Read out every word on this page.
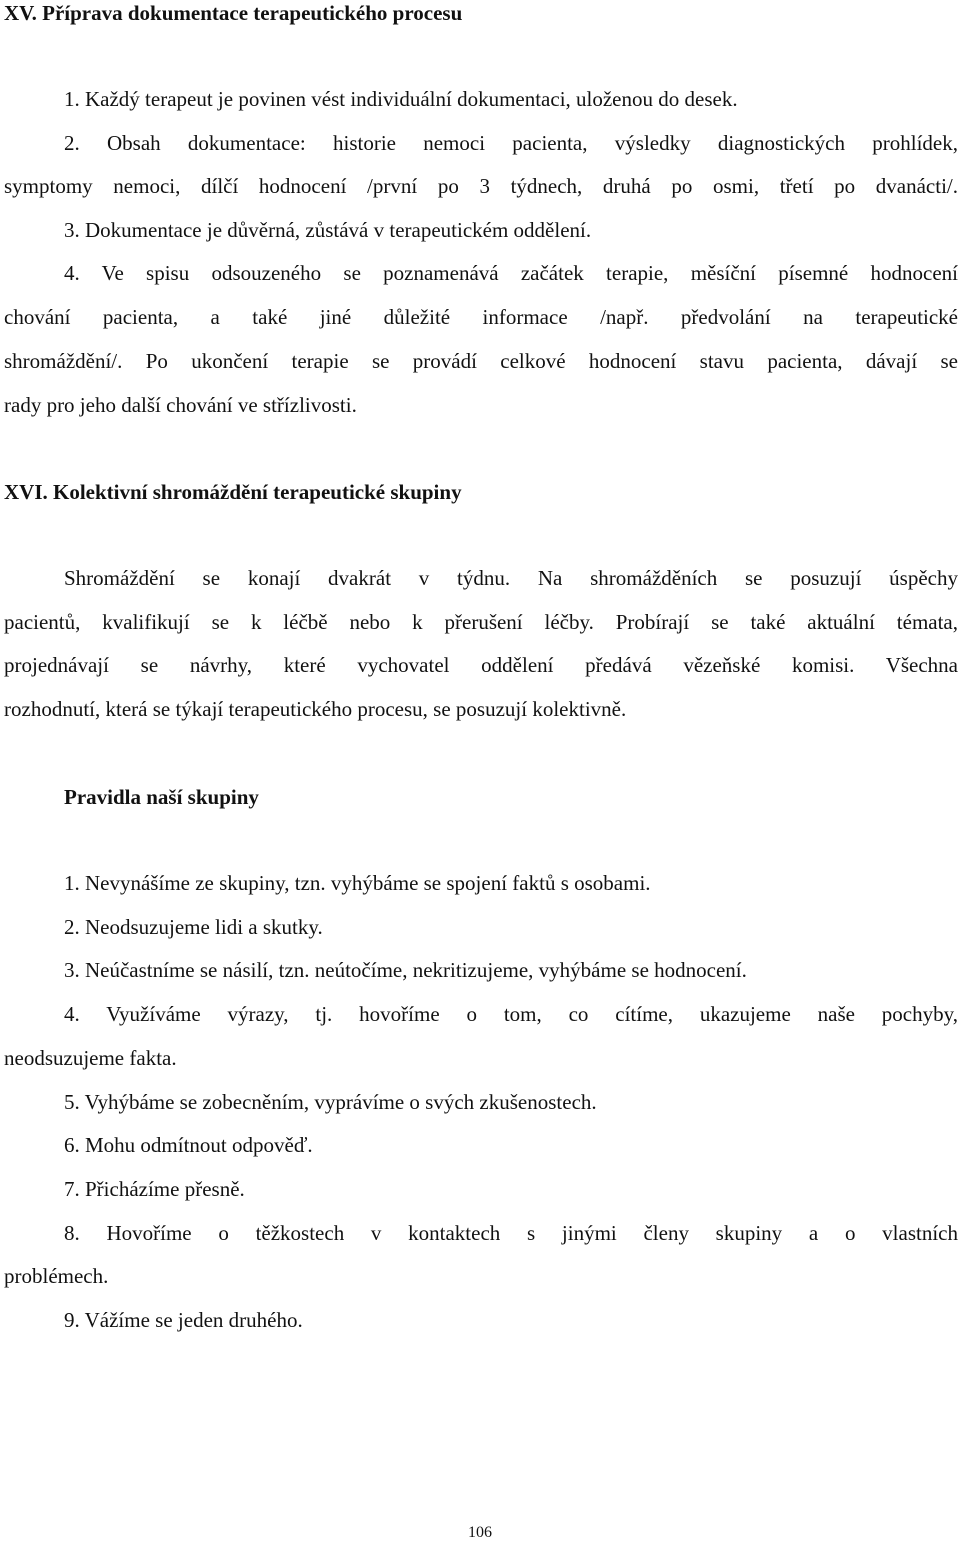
XV. Příprava dokumentace terapeutického procesu
1. Každý terapeut je povinen vést individuální dokumentaci, uloženou do desek.
2. Obsah dokumentace: historie nemoci pacienta, výsledky diagnostických prohlídek,
symptomy nemoci, dílčí hodnocení /první po 3 týdnech, druhá po osmi, třetí po dvanácti/.
3. Dokumentace je důvěrná, zůstává v terapeutickém oddělení.
4. Ve spisu odsouzeného se poznamenává začátek terapie, měsíční písemné hodnocení
chování pacienta, a také jiné důležité informace /např. předvolání na terapeutické
shromáždění/. Po ukončení terapie se provádí celkové hodnocení stavu pacienta, dávají se
rady pro jeho další chování ve střízlivosti.
XVI. Kolektivní shromáždění terapeutické skupiny
Shromáždění se konají dvakrát v týdnu. Na shromážděních se posuzují úspěchy
pacientů, kvalifikují se k léčbě nebo k přerušení léčby. Probírají se také aktuální témata,
projednávají se návrhy, které vychovatel oddělení předává vězeňské komisi. Všechna
rozhodnutí, která se týkají terapeutického procesu, se posuzují kolektivně.
Pravidla naší skupiny
1. Nevynášíme ze skupiny, tzn. vyhýbáme se spojení faktů s osobami.
2. Neodsuzujeme lidi a skutky.
3. Neúčastníme se násilí, tzn. neútočíme, nekritizujeme, vyhýbáme se hodnocení.
4. Využíváme výrazy, tj. hovoříme o tom, co cítíme, ukazujeme naše pochyby,
neodsuzujeme fakta.
5. Vyhýbáme se zobecněním, vyprávíme o svých zkušenostech.
6. Mohu odmítnout odpověď.
7. Přicházíme přesně.
8. Hovoříme o těžkostech v kontaktech s jinými členy skupiny a o vlastních
problémech.
9. Vážíme se jeden druhého.
106
